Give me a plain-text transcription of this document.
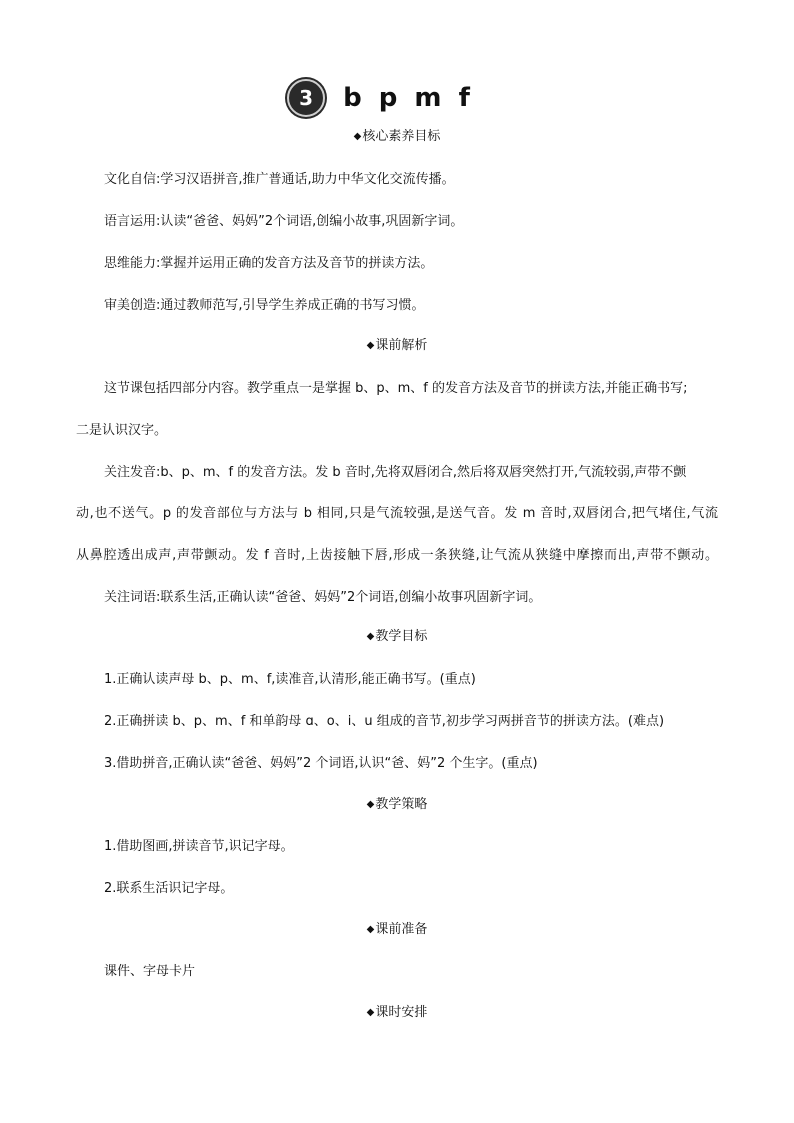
3	b p m f
◆核心素养目标
文化自信:学习汉语拼音,推广普通话,助力中华文化交流传播。
语言运用:认读“爸爸、妈妈”2个词语,创编小故事,巩固新字词。
思维能力:掌握并运用正确的发音方法及音节的拼读方法。
审美创造:通过教师范写,引导学生养成正确的书写习惯。
◆课前解析
这节课包括四部分内容。教学重点一是掌握 b、p、m、f 的发音方法及音节的拼读方法,并能正确书写;
二是认识汉字。
关注发音:b、p、m、f 的发音方法。发 b 音时,先将双唇闭合,然后将双唇突然打开,气流较弱,声带不颤
动,也不送气。p 的发音部位与方法与 b 相同,只是气流较强,是送气音。发 m 音时,双唇闭合,把气堵住,气流
从鼻腔透出成声,声带颤动。发 f 音时,上齿接触下唇,形成一条狭缝,让气流从狭缝中摩擦而出,声带不颤动。
关注词语:联系生活,正确认读“爸爸、妈妈”2个词语,创编小故事巩固新字词。
◆教学目标
1.正确认读声母 b、p、m、f,读准音,认清形,能正确书写。(重点)
2.正确拼读 b、p、m、f 和单韵母 ɑ、o、i、u 组成的音节,初步学习两拼音节的拼读方法。(难点)
3.借助拼音,正确认读“爸爸、妈妈”2 个词语,认识“爸、妈”2 个生字。(重点)
◆教学策略
1.借助图画,拼读音节,识记字母。
2.联系生活识记字母。
◆课前准备
课件、字母卡片
◆课时安排
